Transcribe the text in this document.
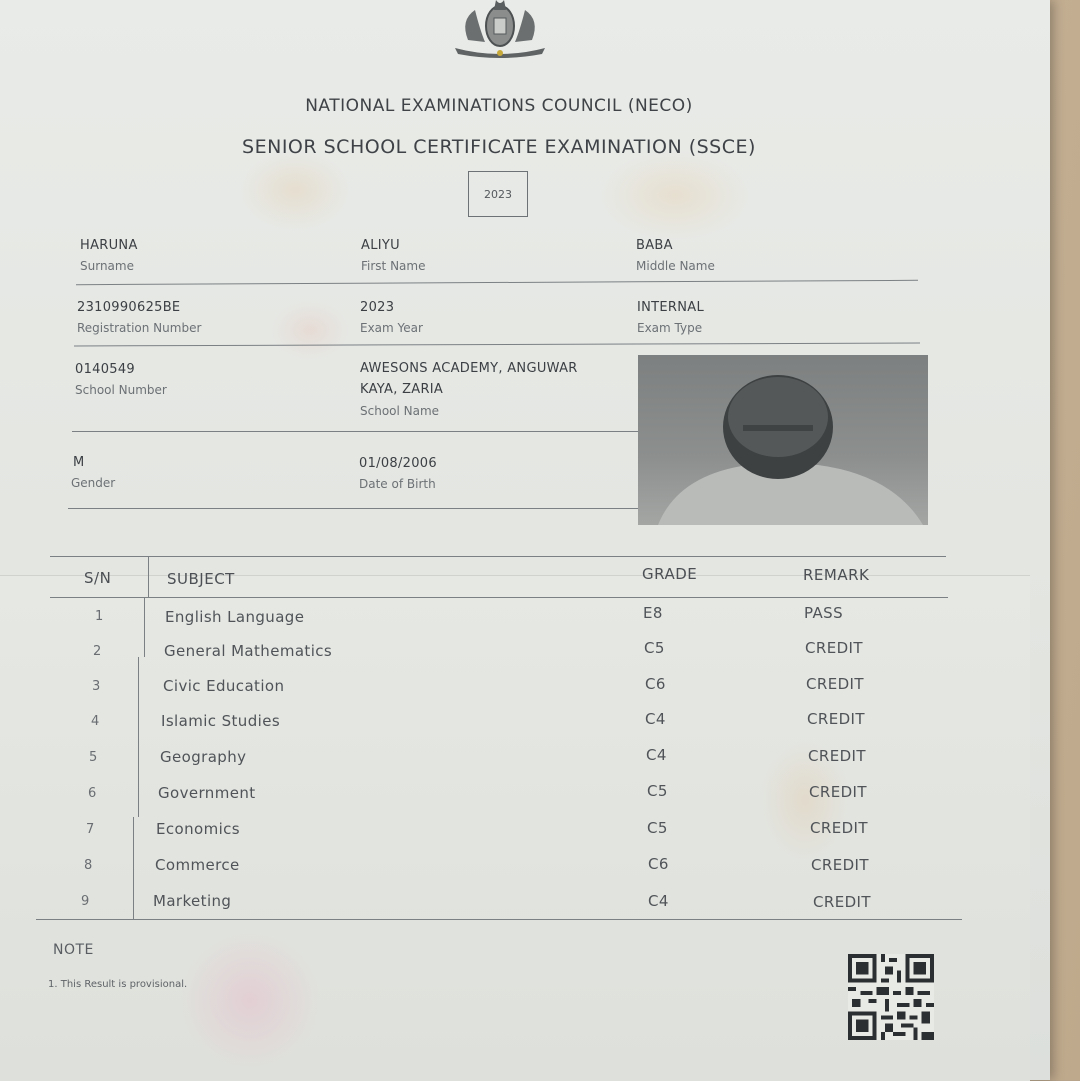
NATIONAL EXAMINATIONS COUNCIL (NECO)
SENIOR SCHOOL CERTIFICATE EXAMINATION (SSCE)
2023
HARUNA
Surname
ALIYU
First Name
BABA
Middle Name
2310990625BE
Registration Number
2023
Exam Year
INTERNAL
Exam Type
0140549
School Number
AWESONS ACADEMY, ANGUWAR
KAYA, ZARIA
School Name
M
Gender
01/08/2006
Date of Birth
S/N	SUBJECT	GRADE	REMARK
1	English Language	E8	PASS
2	General Mathematics	C5	CREDIT
3	Civic Education	C6	CREDIT
4	Islamic Studies	C4	CREDIT
5	Geography	C4	CREDIT
6	Government	C5	CREDIT
7	Economics	C5	CREDIT
8	Commerce	C6	CREDIT
9	Marketing	C4	CREDIT
NOTE
1. This Result is provisional.
